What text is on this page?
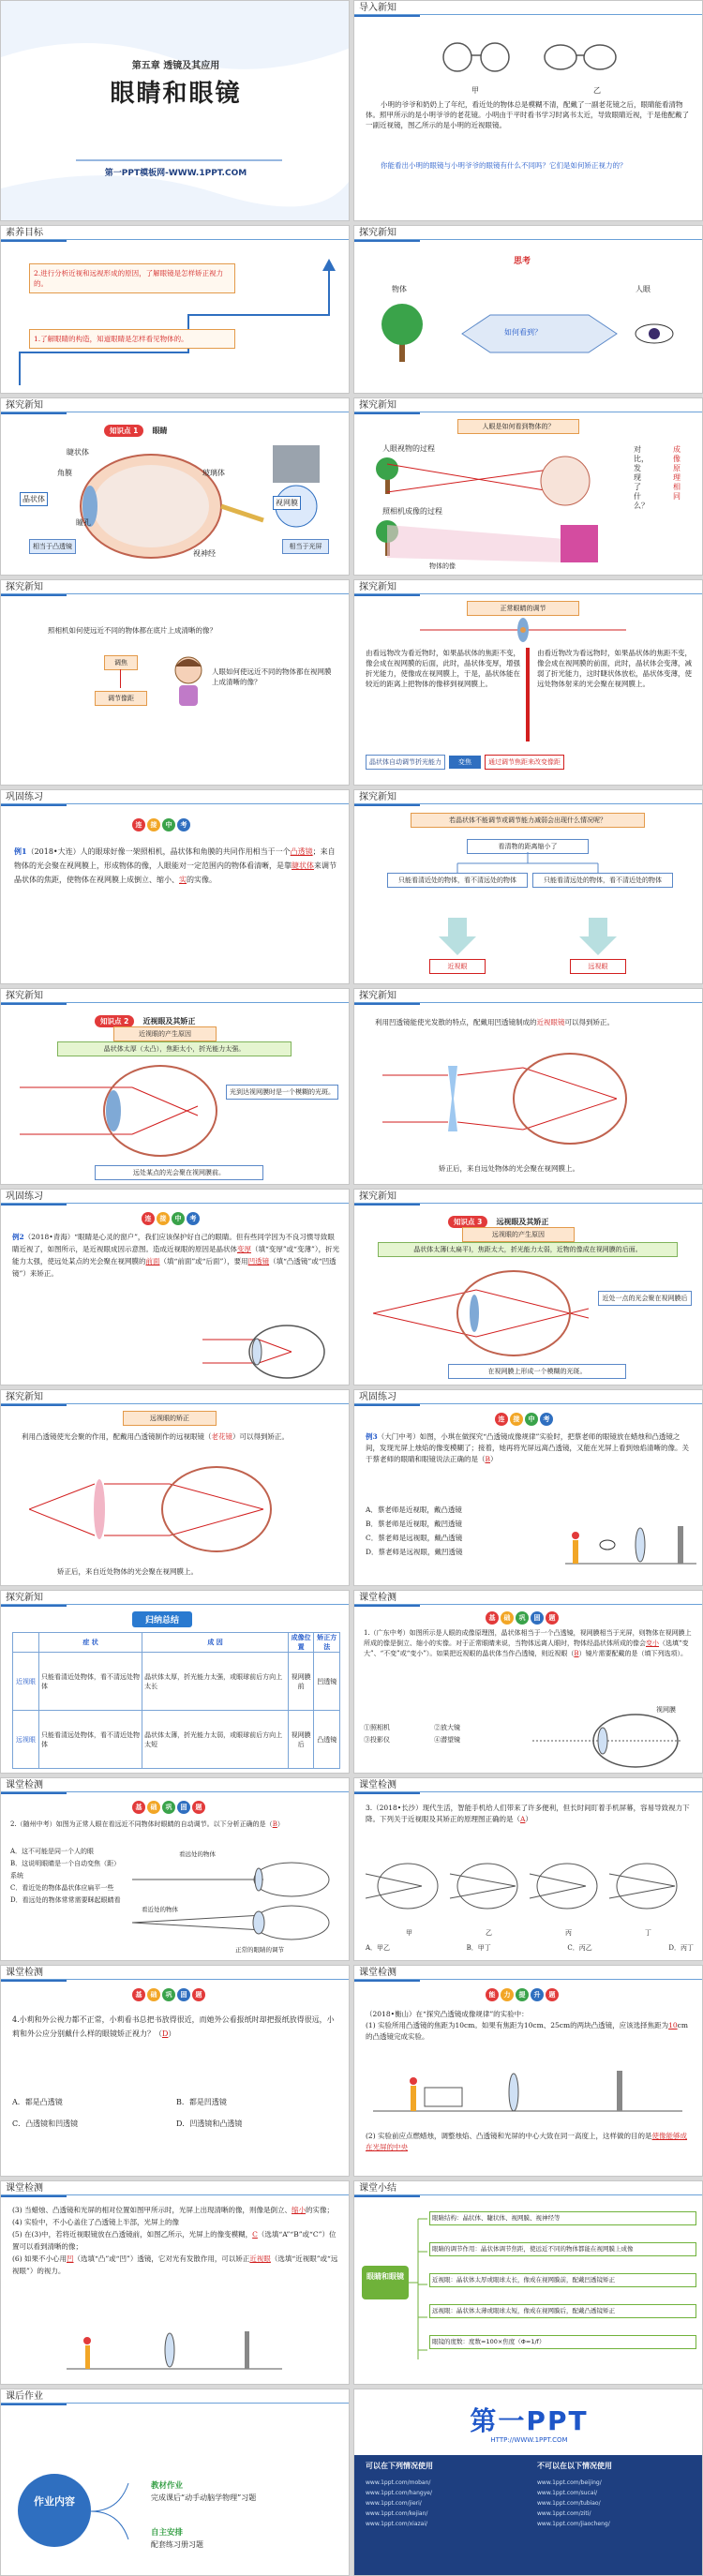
第五章 透镜及其应用
眼睛和眼镜
第一PPT模板网-WWW.1PPT.COM
导入新知
甲	乙
小明的爷爷和奶奶上了年纪，看近处的物体总是模糊不清，配戴了一副老花镜之后，眼睛能看清物体。照甲所示的是小明爷爷的老花镜。小明由于平时看书学习时离书太近，导致眼睛近视，于是他配戴了一副近视镜，图乙所示的是小明的近视眼镜。
你能看出小明的眼镜与小明爷爷的眼镜有什么不同吗？它们是如何矫正视力的？
素养目标
2.进行分析近视和远视形成的原因，了解眼镜是怎样矫正视力的。
1.了解眼睛的构造，知道眼睛是怎样看见物体的。
探究新知
思考
物体	人眼
如何看到？
探究新知
知识点 1 眼睛
睫状体
角膜
晶状体
瞳孔
玻璃体
视网膜
视神经
相当于凸透镜	相当于光屏
探究新知
人眼是如何看到物体的？
人眼视物的过程
照相机成像的过程
物体的像
对比，发现了什么？
成像原理相同
探究新知
照相机如何使远近不同的物体都在底片上成清晰的像？
调焦
调节像距
人眼如何使远近不同的物体都在视网膜上成清晰的像？
探究新知
正常眼睛的调节
由看远物改为看近物时，如果晶状体的焦距不变，像会成在视网膜的后面，此时，晶状体变厚，增强折光能力，使像成在视网膜上，于是，晶状体能在较近的距离上把物体的像移到视网膜上。
由看近物改为看远物时，如果晶状体的焦距不变，像会成在视网膜的前面，此时，晶状体会变薄，减弱了折光能力，这时睫状体放松，晶状体变薄，使远处物体射来的光会聚在视网膜上。
晶状体自动调节折光能力	变焦	通过调节焦距来改变像距
巩固练习
连	接	中	考
例1（2018•大连）人的眼球好像一架照相机，晶状体和角膜的共同作用相当于一个凸透镜；来自物体的光会聚在视网膜上，形成物体的像，人眼能对一定范围内的物体看清晰，是靠睫状体来调节晶状体的焦距，使物体在视网膜上成倒立、缩小、实的实像。
探究新知
若晶状体不能调节或调节能力减弱会出现什么情况呢？
看清物的距离缩小了
只能看清近处的物体，看不清远处的物体	只能看清远处的物体，看不清近处的物体
近视眼	远视眼
探究新知
知识点 2 近视眼及其矫正
近视眼的产生原因
晶状体太厚（太凸），焦距太小，折光能力太强。
光到达视网膜时是一个模糊的光斑。
远处某点的光会聚在视网膜前。
探究新知
利用凹透镜能使光发散的特点，配戴用凹透镜制成的近视眼镜可以得到矫正。
矫正后，来自远处物体的光会聚在视网膜上。
巩固练习
连	接	中	考
例2（2018•青海）“眼睛是心灵的窗户”，我们应该保护好自己的眼睛。但有些同学因为不良习惯导致眼睛近视了，如图所示，是近视眼成因示意图。造成近视眼的原因是晶状体变厚（填“变厚”或“变薄”），折光能力太强，使远处某点的光会聚在视网膜的前面（填“前面”或“后面”），要用凹透镜（填“凸透镜”或“凹透镜”）来矫正。
探究新知
知识点 3 远视眼及其矫正
远视眼的产生原因
晶状体太薄(太扁平)，焦距太大，折光能力太弱，近物的像成在视网膜的后面。
近处一点的光会聚在视网膜后
在视网膜上形成一个模糊的光斑。
探究新知
远视眼的矫正
利用凸透镜使光会聚的作用，配戴用凸透镜制作的远视眼镜（老花镜）可以得到矫正。
矫正后，来自近处物体的光会聚在视网膜上。
巩固练习
连	接	中	考
例3（大门中考）如图，小琪在做探究“凸透镜成像规律”实验时，把蔡老师的眼镜放在蜡烛和凸透镜之间，发现光屏上烛焰的像变模糊了；接着，她再将光屏远离凸透镜，又能在光屏上看到烛焰清晰的像。关于蔡老师的眼睛和眼镜说法正确的是（B）
A．蔡老师是近视眼，戴凸透镜
B．蔡老师是近视眼，戴凹透镜
C．蔡老师是远视眼，戴凸透镜
D．蔡老师是远视眼，戴凹透镜
探究新知
归纳总结
	症 状	成 因	成像位置	矫正方法
近视眼	只能看清近处物体，看不清远处物体	晶状体太厚，折光能力太强，或眼球前后方向上太长	视网膜前	凹透镜
远视眼	只能看清远处物体，看不清近处物体	晶状体太薄，折光能力太弱，或眼球前后方向上太短	视网膜后	凸透镜
课堂检测
基	础	巩	固	题
1.（广东中考）如图所示是人眼的成像原理图，晶状体相当于一个凸透镜，视网膜相当于光屏，则物体在视网膜上所成的像是倒立、缩小的实像。对于正常眼睛来说，当物体远离人眼时，物体经晶状体所成的像会变小（选填“变大”、“不变”或“变小”）。如果把近视眼的晶状体当作凸透镜，则近视眼（B）镜片需要配戴的是（填下列选项）。
①照相机	②放大镜
③投影仪	④潜望镜
视网膜
课堂检测
基	础	巩	固	题
2.（随州中考）如图为正常人眼在看远近不同物体时眼睛的自动调节。以下分析正确的是（B）
A．这不可能是同一个人的眼
B．这说明眼睛是一个自动变焦（距）系统
C．看近处的物体晶状体应扁平一些
D．看远处的物体常常需要眯起眼睛看
看远处的物体
看近处的物体
正常的眼睛的调节
课堂检测
3.（2018•长沙）现代生活，智能手机给人们带来了许多便利，但长时间盯着手机屏幕，容易导致视力下降。下列关于近视眼及其矫正的原理图正确的是（A）
甲	乙	丙	丁
A．甲乙	B．甲丁	C．丙乙	D．丙丁
课堂检测
基	础	巩	固	题
4.小莉和外公视力都不正常，小莉看书总把书放得很近，而她外公看报纸时却把报纸放得很远，小莉和外公应分别戴什么样的眼镜矫正视力？（D）
A．都是凸透镜	B．都是凹透镜
C．凸透镜和凹透镜	D．凹透镜和凸透镜
课堂检测
能	力	提	升	题
（2018•衡山）在“探究凸透镜成像规律”的实验中：
(1) 实验所用凸透镜的焦距为10cm。如果有焦距为10cm、25cm的两块凸透镜，应该选择焦距为10cm的凸透镜完成实验。
(2) 实验前应点燃蜡烛，调整烛焰、凸透镜和光屏的中心大致在同一高度上，这样做的目的是使像能够成在光屏的中央
课堂检测
(3) 当蜡烛、凸透镜和光屏的相对位置如图甲所示时，光屏上出现清晰的像，则像是倒立、缩小的实像；
(4) 实验中，不小心盖住了凸透镜上半部，光屏上的像
(5) 在(3)中，若将近视眼镜放在凸透镜前，如图乙所示，光屏上的像变模糊，C（选填“A”“B”或“C”）位置可以看到清晰的像；
(6) 如果不小心用凹（选填“凸”或“凹”）透镜，它对光有发散作用，可以矫正近视眼（选填“近视眼”或“远视眼”）的视力。
课堂小结
眼睛和眼镜
眼睛结构：晶状体、睫状体、视网膜、视神经等
眼睛的调节作用：晶状体调节焦距，使远近不同的物体都能在视网膜上成像
近视眼：晶状体太厚或眼球太长，像成在视网膜前，配戴凹透镜矫正
远视眼：晶状体太薄或眼球太短，像成在视网膜后，配戴凸透镜矫正
眼镜的度数：度数=100×焦度（Φ=1/f）
课后作业
作业内容
教材作业
完成课后“动手动脑学物理”习题
自主安排
配套练习册习题
第一PPT
HTTP://WWW.1PPT.COM
可以在下列情况使用	不可以在以下情况使用
www.1ppt.com/moban/
www.1ppt.com/hangye/
www.1ppt.com/jieri/
www.1ppt.com/kejian/
www.1ppt.com/xiazai/
www.1ppt.com/beijing/
www.1ppt.com/sucai/
www.1ppt.com/tubiao/
www.1ppt.com/ziti/
www.1ppt.com/jiaocheng/
